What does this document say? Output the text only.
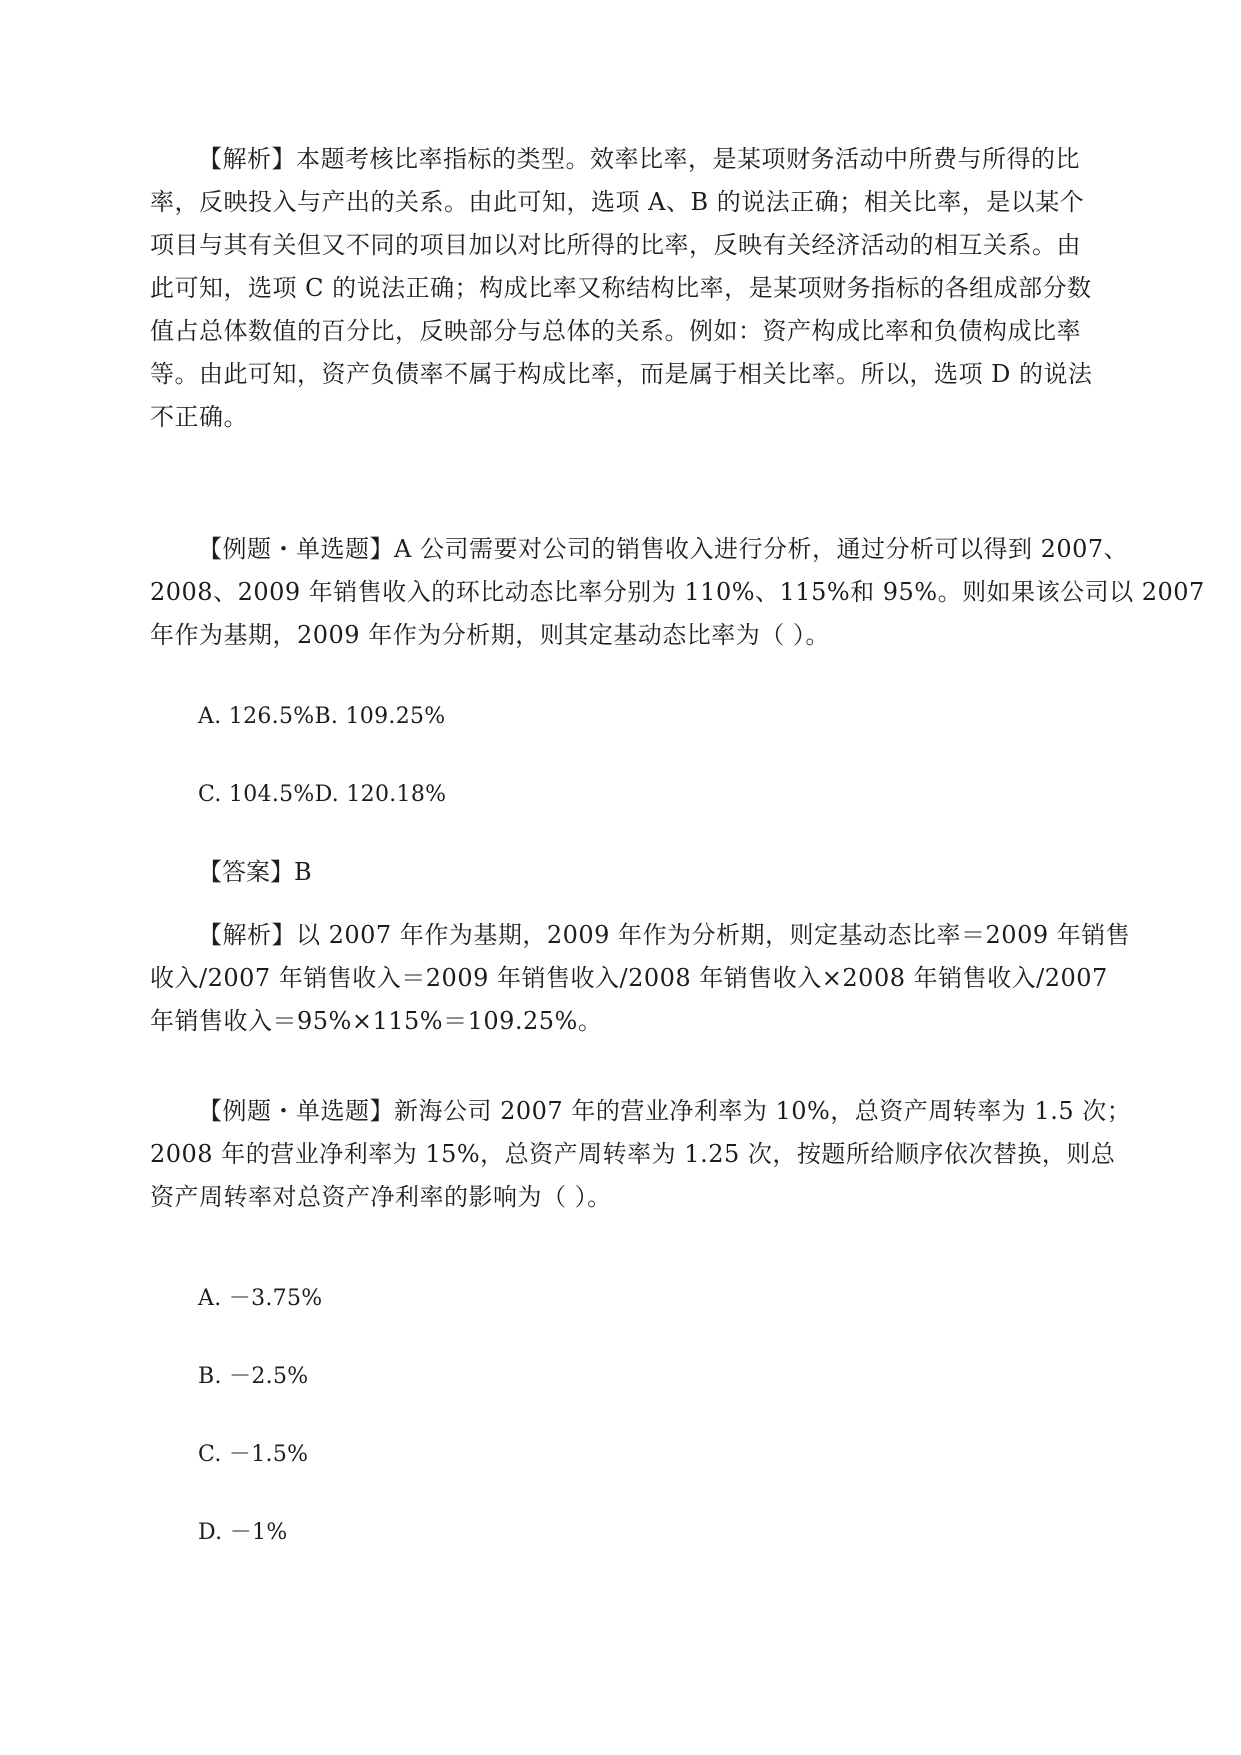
【解析】本题考核比率指标的类型。效率比率，是某项财务活动中所费与所得的比
率，反映投入与产出的关系。由此可知，选项 A、B 的说法正确；相关比率，是以某个
项目与其有关但又不同的项目加以对比所得的比率，反映有关经济活动的相互关系。由
此可知，选项 C 的说法正确；构成比率又称结构比率，是某项财务指标的各组成部分数
值占总体数值的百分比，反映部分与总体的关系。例如：资产构成比率和负债构成比率
等。由此可知，资产负债率不属于构成比率，而是属于相关比率。所以，选项 D 的说法
不正确。

【例题・单选题】A 公司需要对公司的销售收入进行分析，通过分析可以得到 2007、
2008、2009 年销售收入的环比动态比率分别为 110%、115%和 95%。则如果该公司以 2007
年作为基期，2009 年作为分析期，则其定基动态比率为（ ）。

A. 126.5%B. 109.25%

C. 104.5%D. 120.18%

【答案】B

【解析】以 2007 年作为基期，2009 年作为分析期，则定基动态比率＝2009 年销售
收入/2007 年销售收入＝2009 年销售收入/2008 年销售收入×2008 年销售收入/2007
年销售收入＝95%×115%＝109.25%。

【例题・单选题】新海公司 2007 年的营业净利率为 10%，总资产周转率为 1.5 次；
2008 年的营业净利率为 15%，总资产周转率为 1.25 次，按题所给顺序依次替换，则总
资产周转率对总资产净利率的影响为（ ）。

A. －3.75%

B. －2.5%

C. －1.5%

D. －1%
